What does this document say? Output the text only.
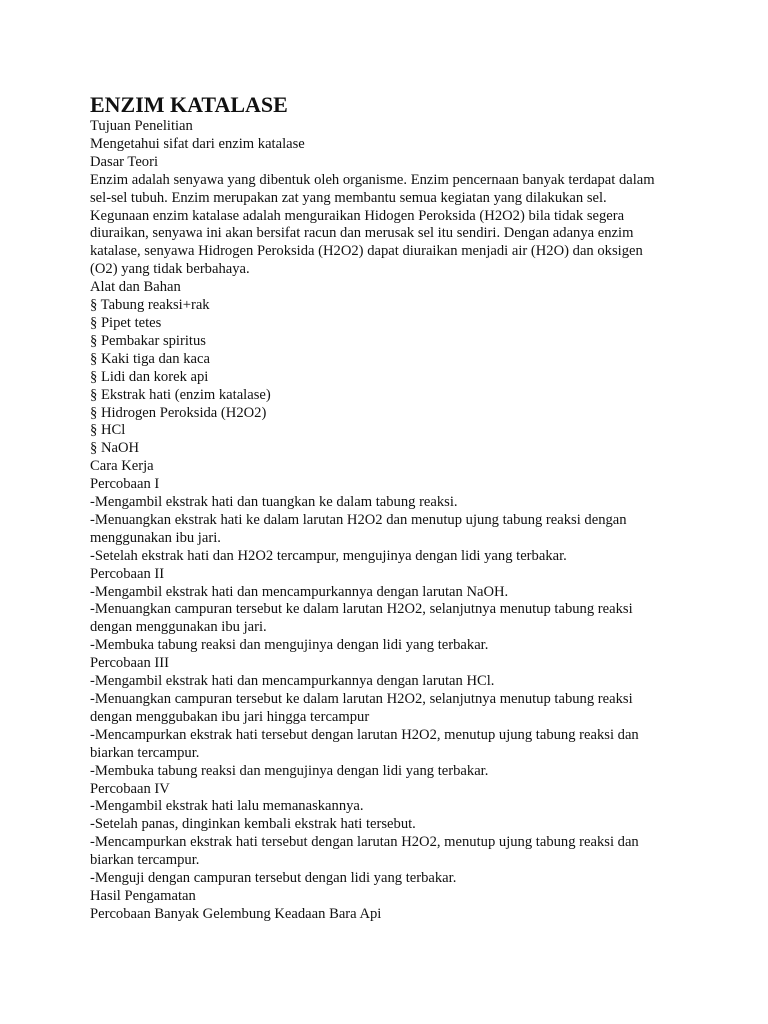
ENZIM KATALASE
Tujuan Penelitian
Mengetahui sifat dari enzim katalase
Dasar Teori
Enzim adalah senyawa yang dibentuk oleh organisme. Enzim pencernaan banyak terdapat dalam
sel-sel tubuh. Enzim merupakan zat yang membantu semua kegiatan yang dilakukan sel.
Kegunaan enzim katalase adalah menguraikan Hidogen Peroksida (H2O2) bila tidak segera
diuraikan, senyawa ini akan bersifat racun dan merusak sel itu sendiri. Dengan adanya enzim
katalase, senyawa Hidrogen Peroksida (H2O2) dapat diuraikan menjadi air (H2O) dan oksigen
(O2) yang tidak berbahaya.
Alat dan Bahan
§ Tabung reaksi+rak
§ Pipet tetes
§ Pembakar spiritus
§ Kaki tiga dan kaca
§ Lidi dan korek api
§ Ekstrak hati (enzim katalase)
§ Hidrogen Peroksida (H2O2)
§ HCl
§ NaOH
Cara Kerja
Percobaan I
-Mengambil ekstrak hati dan tuangkan ke dalam tabung reaksi.
-Menuangkan ekstrak hati ke dalam larutan H2O2 dan menutup ujung tabung reaksi dengan
menggunakan ibu jari.
-Setelah ekstrak hati dan H2O2 tercampur, mengujinya dengan lidi yang terbakar.
Percobaan II
-Mengambil ekstrak hati dan mencampurkannya dengan larutan NaOH.
-Menuangkan campuran tersebut ke dalam larutan H2O2, selanjutnya menutup tabung reaksi
dengan menggunakan ibu jari.
-Membuka tabung reaksi dan mengujinya dengan lidi yang terbakar.
Percobaan III
-Mengambil ekstrak hati dan mencampurkannya dengan larutan HCl.
-Menuangkan campuran tersebut ke dalam larutan H2O2, selanjutnya menutup tabung reaksi
dengan menggubakan ibu jari hingga tercampur
-Mencampurkan ekstrak hati tersebut dengan larutan H2O2, menutup ujung tabung reaksi dan
biarkan tercampur.
-Membuka tabung reaksi dan mengujinya dengan lidi yang terbakar.
Percobaan IV
-Mengambil ekstrak hati lalu memanaskannya.
-Setelah panas, dinginkan kembali ekstrak hati tersebut.
-Mencampurkan ekstrak hati tersebut dengan larutan H2O2, menutup ujung tabung reaksi dan
biarkan tercampur.
-Menguji dengan campuran tersebut dengan lidi yang terbakar.
Hasil Pengamatan
Percobaan Banyak Gelembung Keadaan Bara Api
